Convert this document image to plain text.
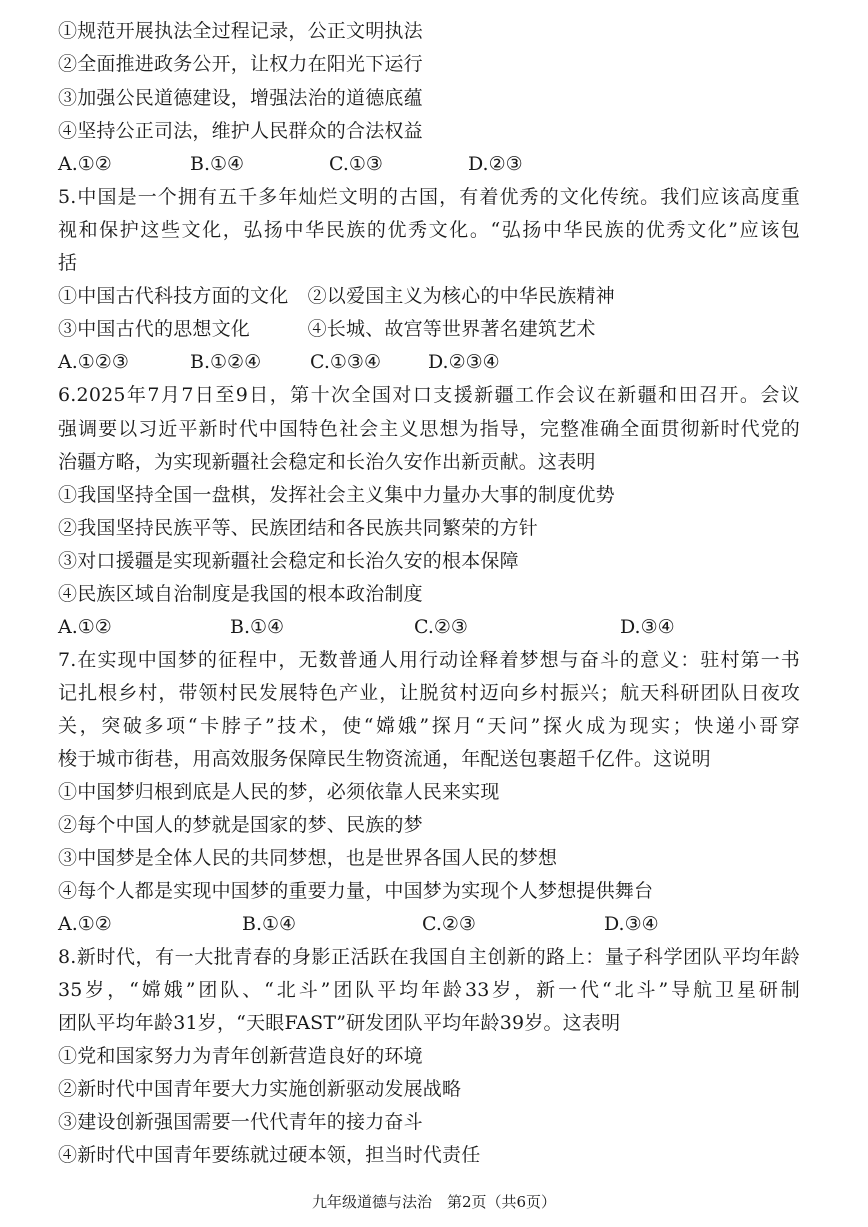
①规范开展执法全过程记录，公正文明执法
②全面推进政务公开，让权力在阳光下运行
③加强公民道德建设，增强法治的道德底蕴
④坚持公正司法，维护人民群众的合法权益
A.①②	B.①④	C.①③	D.②③
5.中国是一个拥有五千多年灿烂文明的古国，有着优秀的文化传统。我们应该高度重
视和保护这些文化，弘扬中华民族的优秀文化。“弘扬中华民族的优秀文化”应该包
括
①中国古代科技方面的文化　②以爱国主义为核心的中华民族精神
③中国古代的思想文化　　　④长城、故宫等世界著名建筑艺术
A.①②③	B.①②④	C.①③④ D.②③④
6.2025年7月7日至9日，第十次全国对口支援新疆工作会议在新疆和田召开。会议
强调要以习近平新时代中国特色社会主义思想为指导，完整准确全面贯彻新时代党的
治疆方略，为实现新疆社会稳定和长治久安作出新贡献。这表明
①我国坚持全国一盘棋，发挥社会主义集中力量办大事的制度优势
②我国坚持民族平等、民族团结和各民族共同繁荣的方针
③对口援疆是实现新疆社会稳定和长治久安的根本保障
④民族区域自治制度是我国的根本政治制度
A.①②	B.①④	C.②③	D.③④
7.在实现中国梦的征程中，无数普通人用行动诠释着梦想与奋斗的意义：驻村第一书
记扎根乡村，带领村民发展特色产业，让脱贫村迈向乡村振兴；航天科研团队日夜攻
关，突破多项“卡脖子”技术，使“嫦娥”探月“天问”探火成为现实；快递小哥穿
梭于城市街巷，用高效服务保障民生物资流通，年配送包裹超千亿件。这说明
①中国梦归根到底是人民的梦，必须依靠人民来实现
②每个中国人的梦就是国家的梦、民族的梦
③中国梦是全体人民的共同梦想，也是世界各国人民的梦想
④每个人都是实现中国梦的重要力量，中国梦为实现个人梦想提供舞台
A.①②	B.①④	C.②③	D.③④
8.新时代，有一大批青春的身影正活跃在我国自主创新的路上：量子科学团队平均年龄
35岁，“嫦娥”团队、“北斗”团队平均年龄33岁，新一代“北斗”导航卫星研制
团队平均年龄31岁，“天眼FAST”研发团队平均年龄39岁。这表明
①党和国家努力为青年创新营造良好的环境
②新时代中国青年要大力实施创新驱动发展战略
③建设创新强国需要一代代青年的接力奋斗
④新时代中国青年要练就过硬本领，担当时代责任
九年级道德与法治　第2页（共6页）
